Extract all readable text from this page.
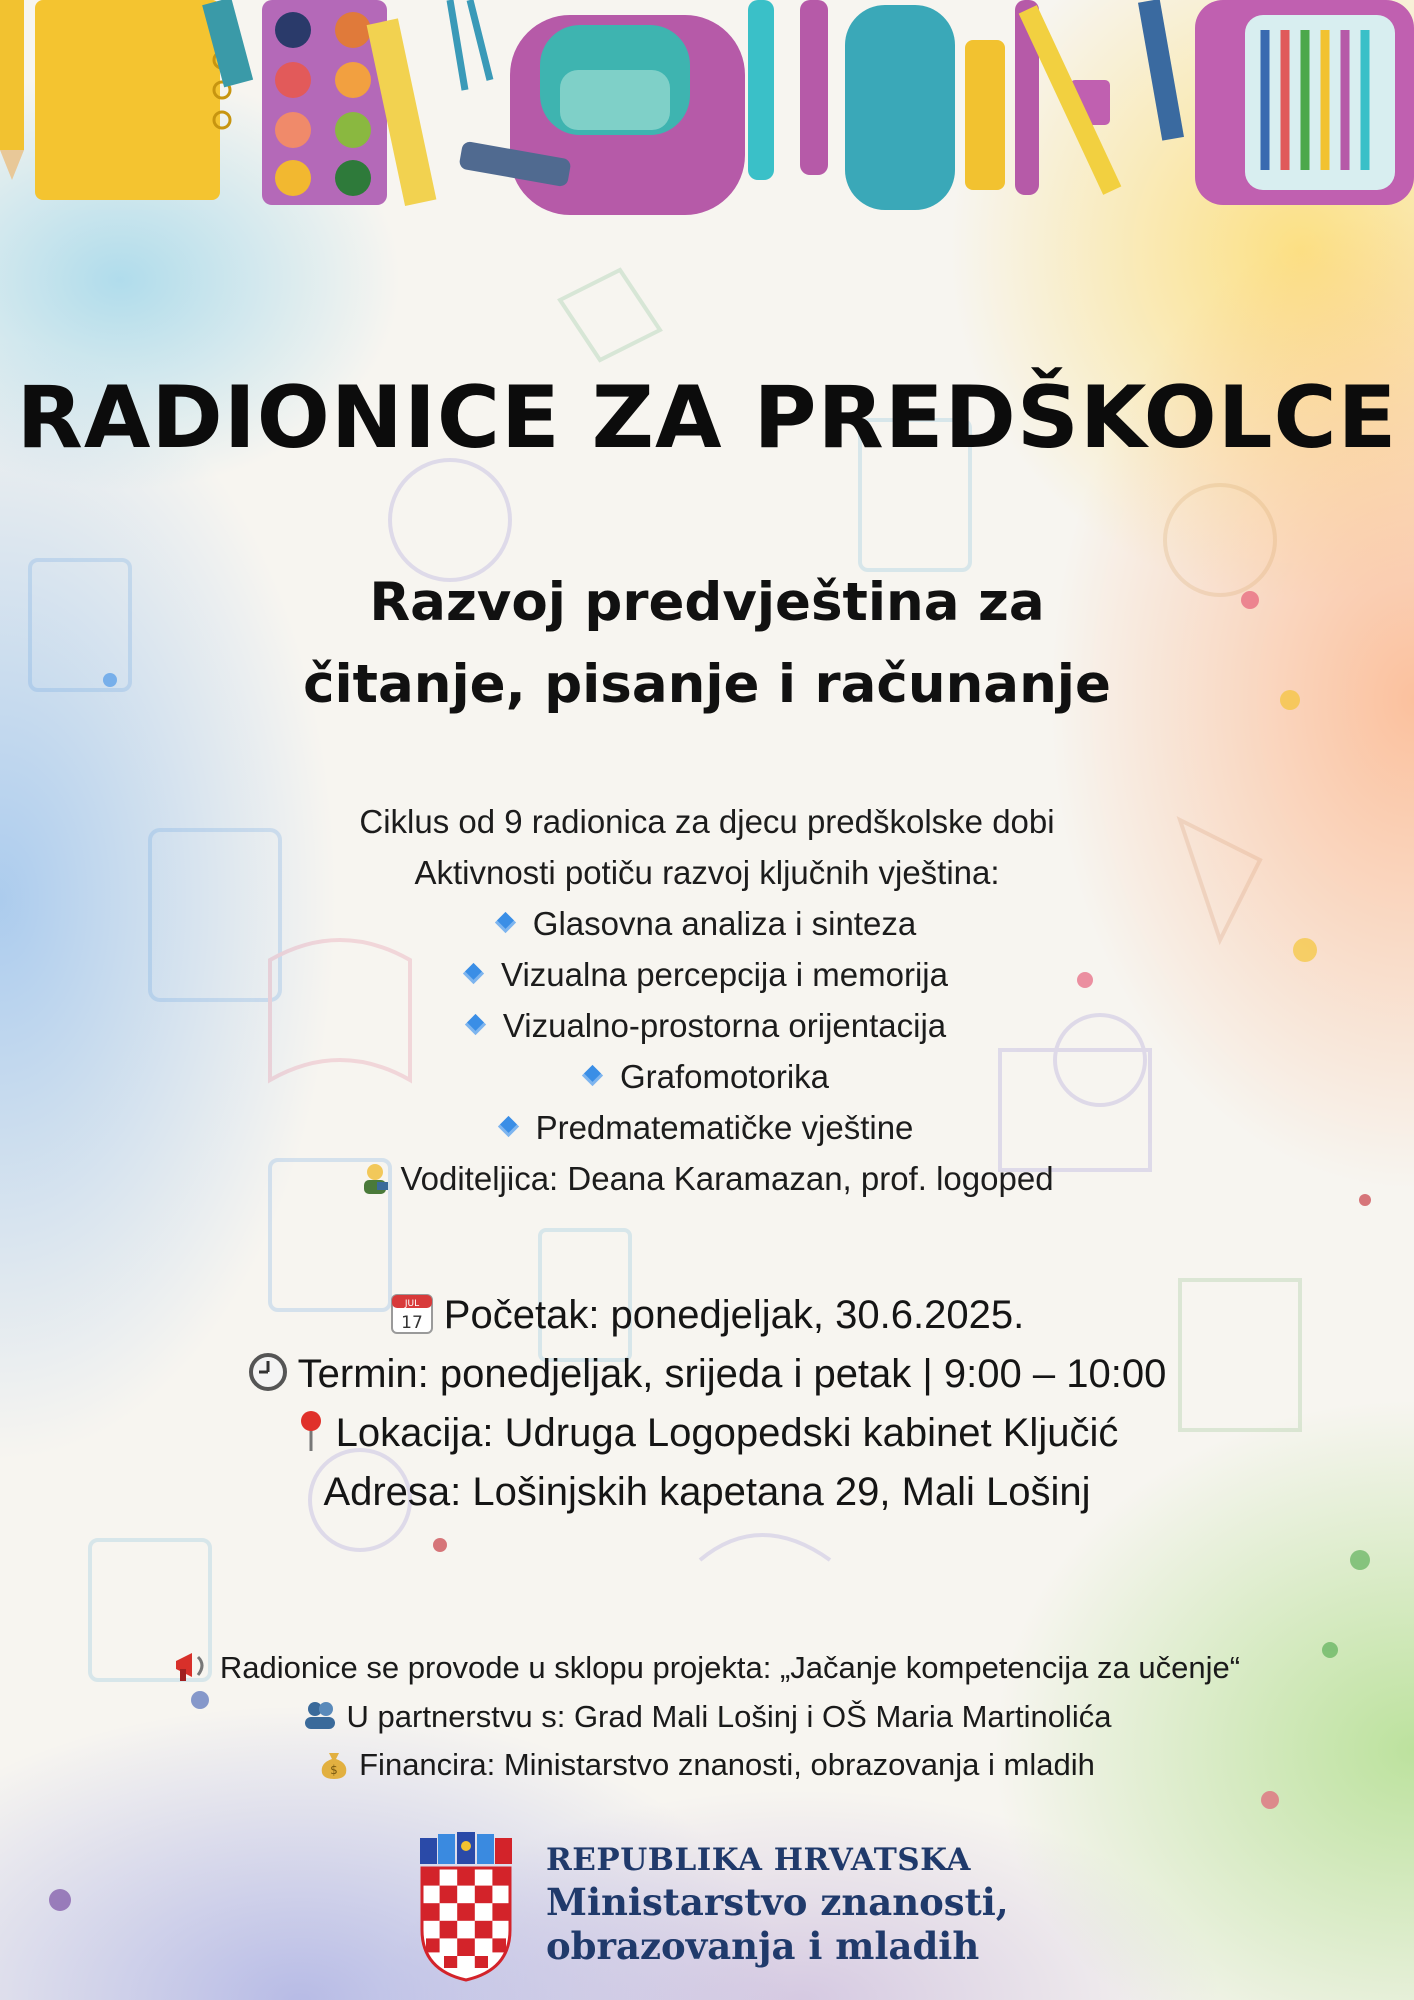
RADIONICE ZA PREDŠKOLCE
Razvoj predvještina za
čitanje, pisanje i računanje
Ciklus od 9 radionica za djecu predškolske dobi
Aktivnosti potiču razvoj ključnih vještina:
Glasovna analiza i sinteza
Vizualna percepcija i memorija
Vizualno-prostorna orijentacija
Grafomotorika
Predmatematičke vještine
Voditeljica: Deana Karamazan, prof. logoped
JUL
17 Početak: ponedjeljak, 30.6.2025.
Termin: ponedjeljak, srijeda i petak | 9:00 – 10:00
Lokacija: Udruga Logopedski kabinet Ključić
Adresa: Lošinjskih kapetana 29, Mali Lošinj
Radionice se provode u sklopu projekta: „Jačanje kompetencija za učenje“
U partnerstvu s: Grad Mali Lošinj i OŠ Maria Martinolića
$ Financira: Ministarstvo znanosti, obrazovanja i mladih
REPUBLIKA HRVATSKA
Ministarstvo znanosti,
obrazovanja i mladih
